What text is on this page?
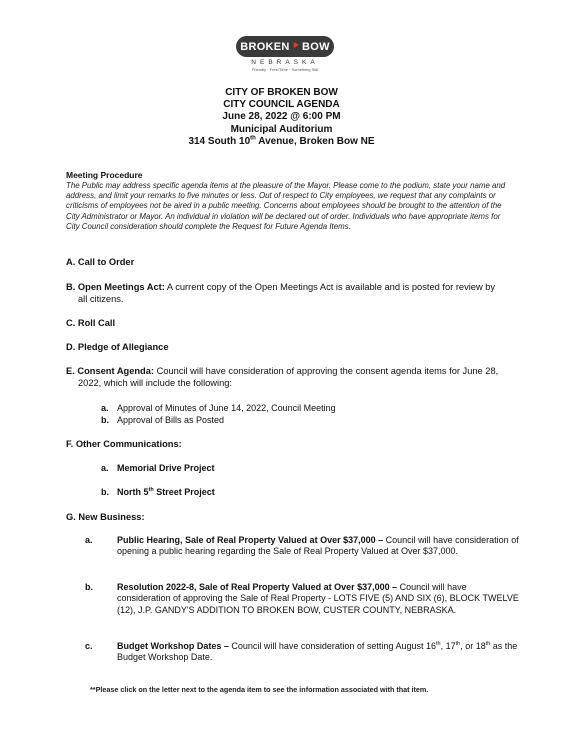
BROKEN ⯈ BOW
NEBRASKA
Friendly · Free-Time · Something Still
CITY OF BROKEN BOW
CITY COUNCIL AGENDA
June 28, 2022 @ 6:00 PM
Municipal Auditorium
314 South 10th Avenue, Broken Bow NE
Meeting Procedure
The Public may address specific agenda items at the pleasure of the Mayor. Please come to the podium, state your name and address, and limit your remarks to five minutes or less. Out of respect to City employees, we request that any complaints or criticisms of employees not be aired in a public meeting. Concerns about employees should be brought to the attention of the City Administrator or Mayor. An individual in violation will be declared out of order. Individuals who have appropriate items for City Council consideration should complete the Request for Future Agenda Items.
A. Call to Order
B. Open Meetings Act: A current copy of the Open Meetings Act is available and is posted for review by all citizens.
C. Roll Call
D. Pledge of Allegiance
E. Consent Agenda: Council will have consideration of approving the consent agenda items for June 28, 2022, which will include the following:
a. Approval of Minutes of June 14, 2022, Council Meeting
b. Approval of Bills as Posted
F. Other Communications:
a. Memorial Drive Project
b. North 5th Street Project
G. New Business:
a.	Public Hearing, Sale of Real Property Valued at Over $37,000 – Council will have consideration of opening a public hearing regarding the Sale of Real Property Valued at Over $37,000.
b.	Resolution 2022-8, Sale of Real Property Valued at Over $37,000 – Council will have consideration of approving the Sale of Real Property - LOTS FIVE (5) AND SIX (6), BLOCK TWELVE (12), J.P. GANDY'S ADDITION TO BROKEN BOW, CUSTER COUNTY, NEBRASKA.
c.	Budget Workshop Dates – Council will have consideration of setting August 16th, 17th, or 18th as the Budget Workshop Date.
**Please click on the letter next to the agenda item to see the information associated with that item.
